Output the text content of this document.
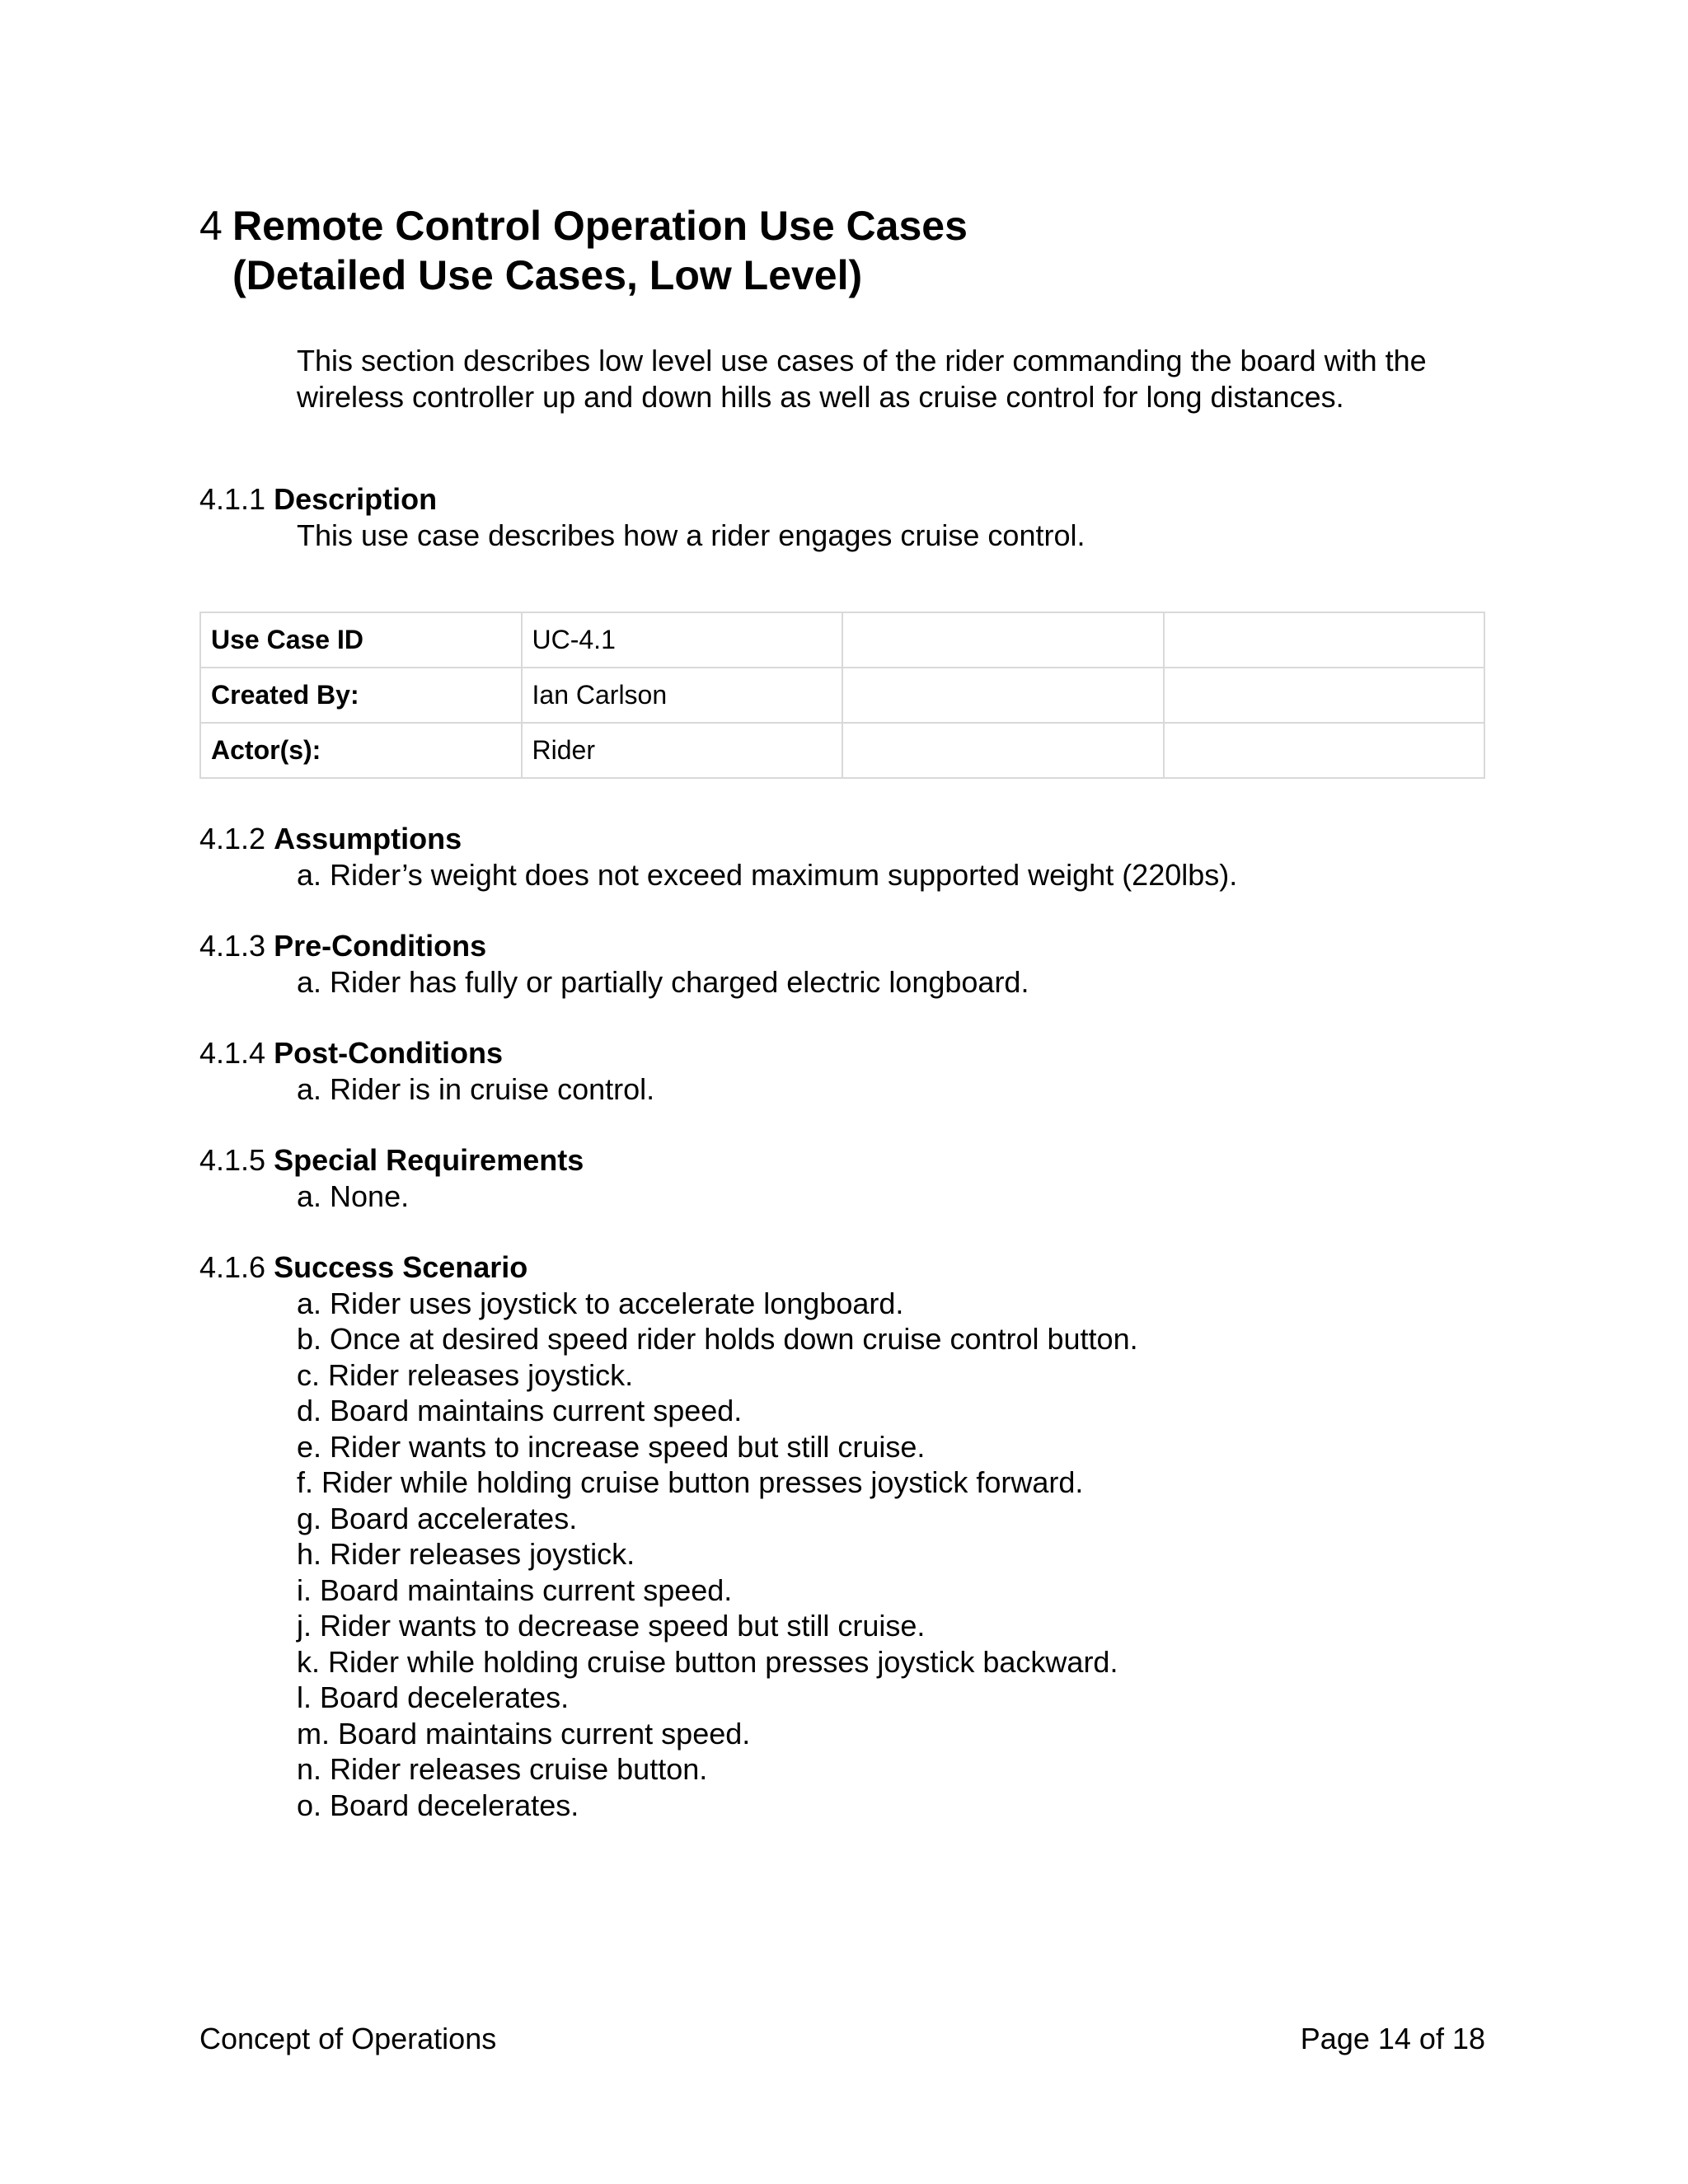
4 Remote Control Operation Use Cases
(Detailed Use Cases, Low Level)
This section describes low level use cases of the rider commanding the board with the wireless controller up and down hills as well as cruise control for long distances.
4.1.1 Description
This use case describes how a rider engages cruise control.
Use Case ID	UC-4.1		
Created By:	Ian Carlson		
Actor(s):	Rider		
4.1.2 Assumptions
a. Rider’s weight does not exceed maximum supported weight (220lbs).
4.1.3 Pre-Conditions
a. Rider has fully or partially charged electric longboard.
4.1.4 Post-Conditions
a. Rider is in cruise control.
4.1.5 Special Requirements
a. None.
4.1.6 Success Scenario
a. Rider uses joystick to accelerate longboard.
b. Once at desired speed rider holds down cruise control button.
c. Rider releases joystick.
d. Board maintains current speed.
e. Rider wants to increase speed but still cruise.
f. Rider while holding cruise button presses joystick forward.
g. Board accelerates.
h. Rider releases joystick.
i. Board maintains current speed.
j. Rider wants to decrease speed but still cruise.
k. Rider while holding cruise button presses joystick backward.
l. Board decelerates.
m. Board maintains current speed.
n. Rider releases cruise button.
o. Board decelerates.
Concept of Operations	Page 14 of 18
